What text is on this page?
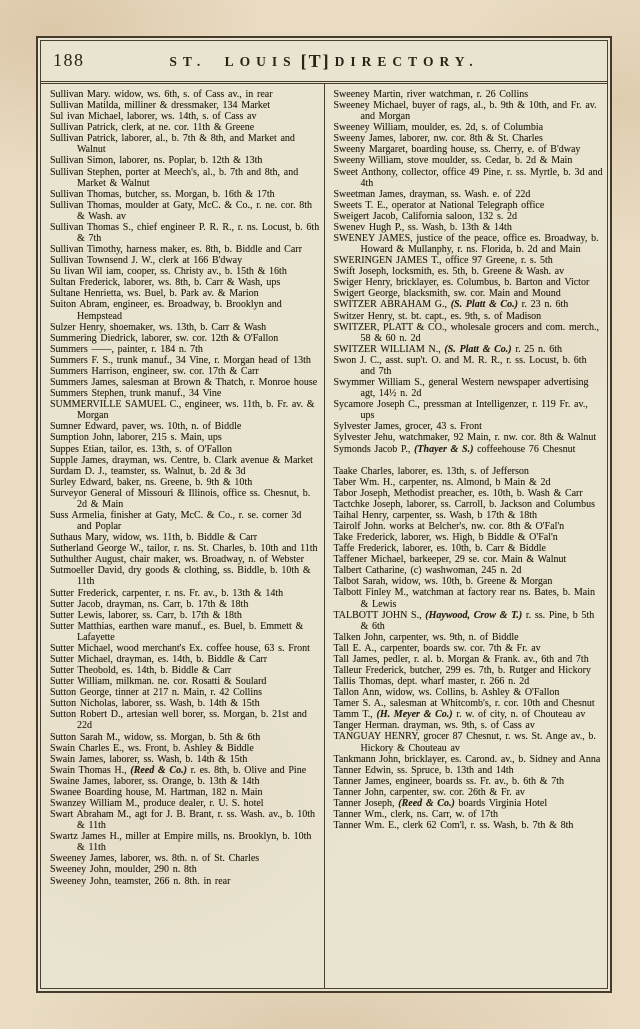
188	ST. LOUIS [T] DIRECTORY.
Sullivan Mary. widow, ws. 6th, s. of Cass av., in rear
Sullivan Matilda, milliner & dressmaker, 134 Market
Sul ivan Michael, laborer, ws. 14th, s. of Cass av
Sullivan Patrick, clerk, at ne. cor. 11th & Greene
Sullivan Patrick, laborer, al., b. 7th & 8th, and Market and Walnut
Sullivan Simon, laborer, ns. Poplar, b. 12th & 13th
Sullivan Stephen, porter at Meech's, al., b. 7th and 8th, and Market & Walnut
Sullivan Thomas, butcher, ss. Morgan, b. 16th & 17th
Sullivan Thomas, moulder at Gaty, McC. & Co., r. ne. cor. 8th & Wash. av
Sullivan Thomas S., chief engineer P. R. R., r. ns. Locust, b. 6th & 7th
Sullivan Timothy, harness maker, es. 8th, b. Biddle and Carr
Sullivan Townsend J. W., clerk at 166 B'dway
Su livan Wil iam, cooper, ss. Christy av., b. 15th & 16th
Sultan Frederick, laborer, ws. 8th, b. Carr & Wash, ups
Sultane Henrietta, ws. Buel, b. Park av. & Marion
Suiton Abram, engineer, es. Broadway, b. Brooklyn and Hempstead
Sulzer Henry, shoemaker, ws. 13th, b. Carr & Wash
Summering Diedrick, laborer, sw. cor. 12th & O'Fallon
Summers ——, painter, r. 184 n. 7th
Summers F. S., trunk manuf., 34 Vine, r. Morgan head of 13th
Summers Harrison, engineer, sw. cor. 17th & Carr
Summers James, salesman at Brown & Thatch, r. Monroe house
Summers Stephen, trunk manuf., 34 Vine
SUMMERVILLE SAMUEL C., engineer, ws. 11th, b. Fr. av. & Morgan
Sumner Edward, paver, ws. 10th, n. of Biddle
Sumption John, laborer, 215 s. Main, ups
Suppes Etian, tailor, es. 13th, s. of O'Fallon
Supple James, drayman, ws. Centre, b. Clark avenue & Market
Surdam D. J., teamster, ss. Walnut, b. 2d & 3d
Surley Edward, baker, ns. Greene, b. 9th & 10th
Surveyor General of Missouri & Illinois, office ss. Chesnut, b. 2d & Main
Suss Armelia, finisher at Gaty, McC. & Co., r. se. corner 3d and Poplar
Suthaus Mary, widow, ws. 11th, b. Biddle & Carr
Sutherland George W., tailor, r. ns. St. Charles, b. 10th and 11th
Suthulther August, chair maker, ws. Broadway, n. of Webster
Sutmoeller David, dry goods & clothing, ss. Biddle, b. 10th & 11th
Sutter Frederick, carpenter, r. ns. Fr. av., b. 13th & 14th
Sutter Jacob, drayman, ns. Carr, b. 17th & 18th
Sutter Lewis, laborer, ss. Carr, b. 17th & 18th
Sutter Matthias, earthen ware manuf., es. Buel, b. Emmett & Lafayette
Sutter Michael, wood merchant's Ex. coffee house, 63 s. Front
Sutter Michael, drayman, es. 14th, b. Biddle & Carr
Sutter Theobold, es. 14th, b. Biddle & Carr
Sutter William, milkman. ne. cor. Rosatti & Soulard
Sutton George, tinner at 217 n. Main, r. 42 Collins
Sutton Nicholas, laborer, ss. Wash, b. 14th & 15th
Sutton Robert D., artesian well borer, ss. Morgan, b. 21st and 22d
Sutton Sarah M., widow, ss. Morgan, b. 5th & 6th
Swain Charles E., ws. Front, b. Ashley & Biddle
Swain James, laborer, ss. Wash, b. 14th & 15th
Swain Thomas H., (Reed & Co.) r. es. 8th, b. Olive and Pine
Swaine James, laborer, ss. Orange, b. 13th & 14th
Swanee Boarding house, M. Hartman, 182 n. Main
Swanzey William M., produce dealer, r. U. S. hotel
Swart Abraham M., agt for J. B. Brant, r. ss. Wash. av., b. 10th & 11th
Swartz James H., miller at Empire mills, ns. Brooklyn, b. 10th & 11th
Sweeney James, laborer, ws. 8th. n. of St. Charles
Sweeney John, moulder, 290 n. 8th
Sweeney John, teamster, 266 n. 8th. in rear
Sweeney Martin, river watchman, r. 26 Collins
Sweeney Michael, buyer of rags, al., b. 9th & 10th, and Fr. av. and Morgan
Sweeney William, moulder, es. 2d, s. of Columbia
Sweeny James, laborer, nw. cor. 8th & St. Charles
Sweeny Margaret, boarding house, ss. Cherry, e. of B'dway
Sweeny William, stove moulder, ss. Cedar, b. 2d & Main
Sweet Anthony, collector, office 49 Pine, r. ss. Myrtle, b. 3d and 4th
Sweetman James, drayman, ss. Wash. e. of 22d
Sweets T. E., operator at National Telegraph office
Sweigert Jacob, California saloon, 132 s. 2d
Swenev Hugh P., ss. Wash, b. 13th & 14th
SWENEY JAMES, justice of the peace, office es. Broadway, b. Howard & Mullanphy, r. ns. Florida, b. 2d and Main
SWERINGEN JAMES T., office 97 Greene, r. s. 5th
Swift Joseph, locksmith, es. 5th, b. Greene & Wash. av
Swiger Henry, bricklayer, es. Columbus, b. Barton and Victor
Swigert George, blacksmith, sw. cor. Main and Mound
SWITZER ABRAHAM G., (S. Platt & Co.) r. 23 n. 6th
Switzer Henry, st. bt. capt., es. 9th, s. of Madison
SWITZER, PLATT & CO., wholesale grocers and com. merch., 58 & 60 n. 2d
SWITZER WILLIAM N., (S. Platt & Co.) r. 25 n. 6th
Swon J. C., asst. sup't. O. and M. R. R., r. ss. Locust, b. 6th and 7th
Swymmer William S., general Western newspaper advertising agt, 14½ n. 2d
Sycamore Joseph C., pressman at Intelligenzer, r. 119 Fr. av., ups
Sylvester James, grocer, 43 s. Front
Sylvester Jehu, watchmaker, 92 Main, r. nw. cor. 8th & Walnut
Symonds Jacob P., (Thayer & S.) coffeehouse 76 Chesnut
Taake Charles, laborer, es. 13th, s. of Jefferson
Taber Wm. H., carpenter, ns. Almond, b Main & 2d
Tabor Joseph, Methodist preacher, es. 10th, b. Wash & Carr
Tactchke Joseph, laborer, ss. Carroll, b. Jackson and Columbus
Taihal Henry, carpenter, ss. Wash, b 17th & 18th
Tairolf John. works at Belcher's, nw. cor. 8th & O'Fal'n
Take Frederick, laborer, ws. High, b Biddle & O'Fal'n
Taffe Frederick, laborer, es. 10th, b. Carr & Biddle
Taffener Michael, barkeeper, 29 se. cor. Main & Walnut
Talbert Catharine, (c) washwoman, 245 n. 2d
Talbot Sarah, widow, ws. 10th, b. Greene & Morgan
Talbott Finley M., watchman at factory rear ns. Bates, b. Main & Lewis
TALBOTT JOHN S., (Haywood, Crow & T.) r. ss. Pine, b 5th & 6th
Talken John, carpenter, ws. 9th, n. of Biddle
Tall E. A., carpenter, boards sw. cor. 7th & Fr. av
Tall James, pedler, r. al. b. Morgan & Frank. av., 6th and 7th
Talleur Frederick, butcher, 299 es. 7th, b. Rutger and Hickory
Tallis Thomas, dept. wharf master, r. 266 n. 2d
Tallon Ann, widow, ws. Collins, b. Ashley & O'Fallon
Tamer S. A., salesman at Whitcomb's, r. cor. 10th and Chesnut
Tamm T., (H. Meyer & Co.) r. w. of city, n. of Chouteau av
Tanger Herman. drayman, ws. 9th, s. of Cass av
TANGUAY HENRY, grocer 87 Chesnut, r. ws. St. Ange av., b. Hickory & Chouteau av
Tankmann John, bricklayer, es. Carond. av., b. Sidney and Anna
Tanner Edwin, ss. Spruce, b. 13th and 14th
Tanner James, engineer, boards ss. Fr. av., b. 6th & 7th
Tanner John, carpenter, sw. cor. 26th & Fr. av
Tanner Joseph, (Reed & Co.) boards Virginia Hotel
Tanner Wm., clerk, ns. Carr, w. of 17th
Tanner Wm. E., clerk 62 Com'l, r. ss. Wash, b. 7th & 8th
